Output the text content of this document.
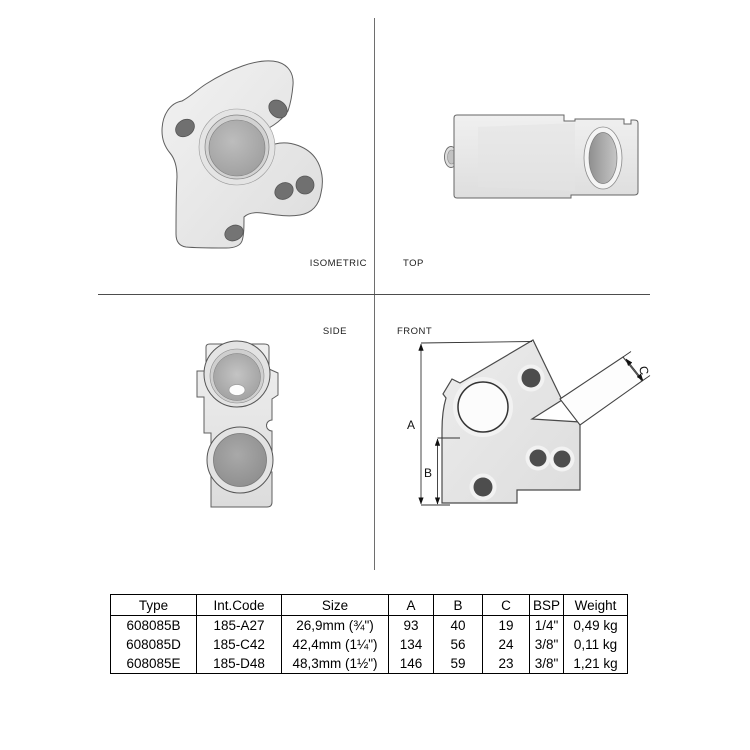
ISOMETRIC	TOP
SIDE	FRONT
A
B
C
Type	Int.Code	Size	A	B	C	BSP	Weight
608085B	185-A27	26,9mm (¾")	93	40	19	1/4"	0,49 kg
608085D	185-C42	42,4mm (1¼")	134	56	24	3/8"	0,11 kg
608085E	185-D48	48,3mm (1½")	146	59	23	3/8"	1,21 kg
